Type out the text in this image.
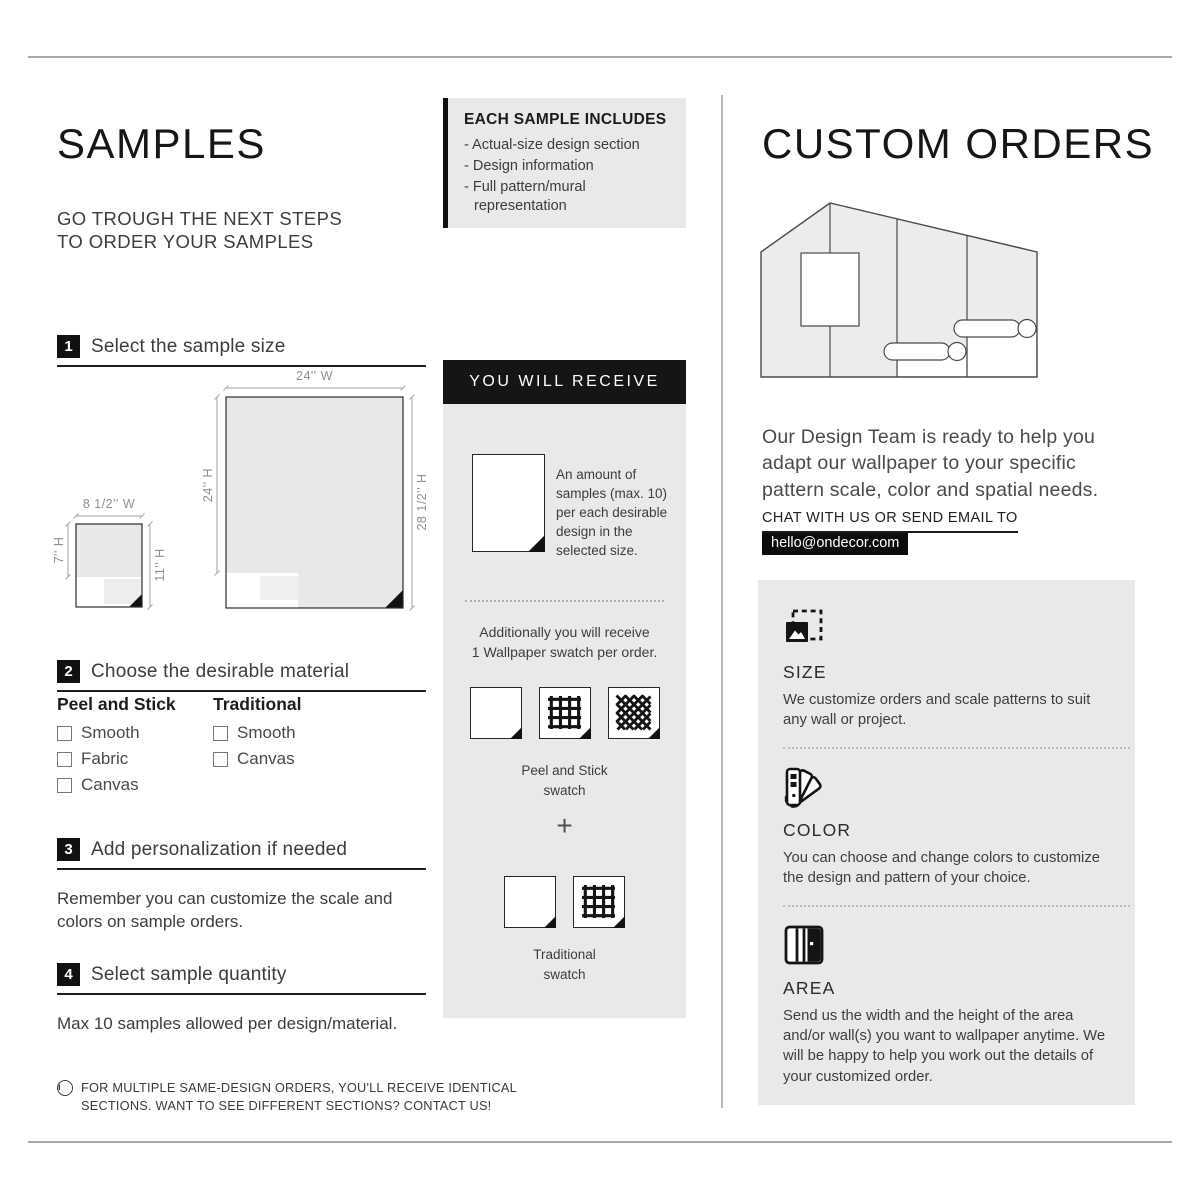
SAMPLES

GO TROUGH THE NEXT STEPS
TO ORDER YOUR SAMPLES

1 Select the sample size
8 1/2'' W
7'' H	11'' H
24'' W
24'' H	28 1/2'' H
2 Choose the desirable material
Peel and Stick
Smooth
Fabric
Canvas
Traditional
Smooth
Canvas
3 Add personalization if needed

Remember you can customize the scale and colors on sample orders.

4 Select sample quantity

Max 10 samples allowed per design/material.

i	FOR MULTIPLE SAME-DESIGN ORDERS, YOU'LL RECEIVE IDENTICAL
SECTIONS. WANT TO SEE DIFFERENT SECTIONS? CONTACT US!
EACH SAMPLE INCLUDES
- Actual-size design section
- Design information
- Full pattern/mural representation
YOU WILL RECEIVE
An amount of samples (max. 10) per each desirable design in the selected size.
Additionally you will receive
1 Wallpaper swatch per order.
Peel and Stick
swatch
+
Traditional
swatch
CUSTOM ORDERS

Our Design Team is ready to help you adapt our wallpaper to your specific pattern scale, color and spatial needs.

CHAT WITH US OR SEND EMAIL TO
hello@ondecor.com
SIZE
We customize orders and scale patterns to suit any wall or project.
COLOR
You can choose and change colors to customize the design and pattern of your choice.
AREA
Send us the width and the height of the area and/or wall(s) you want to wallpaper anytime. We will be happy to help you work out the details of your customized order.
